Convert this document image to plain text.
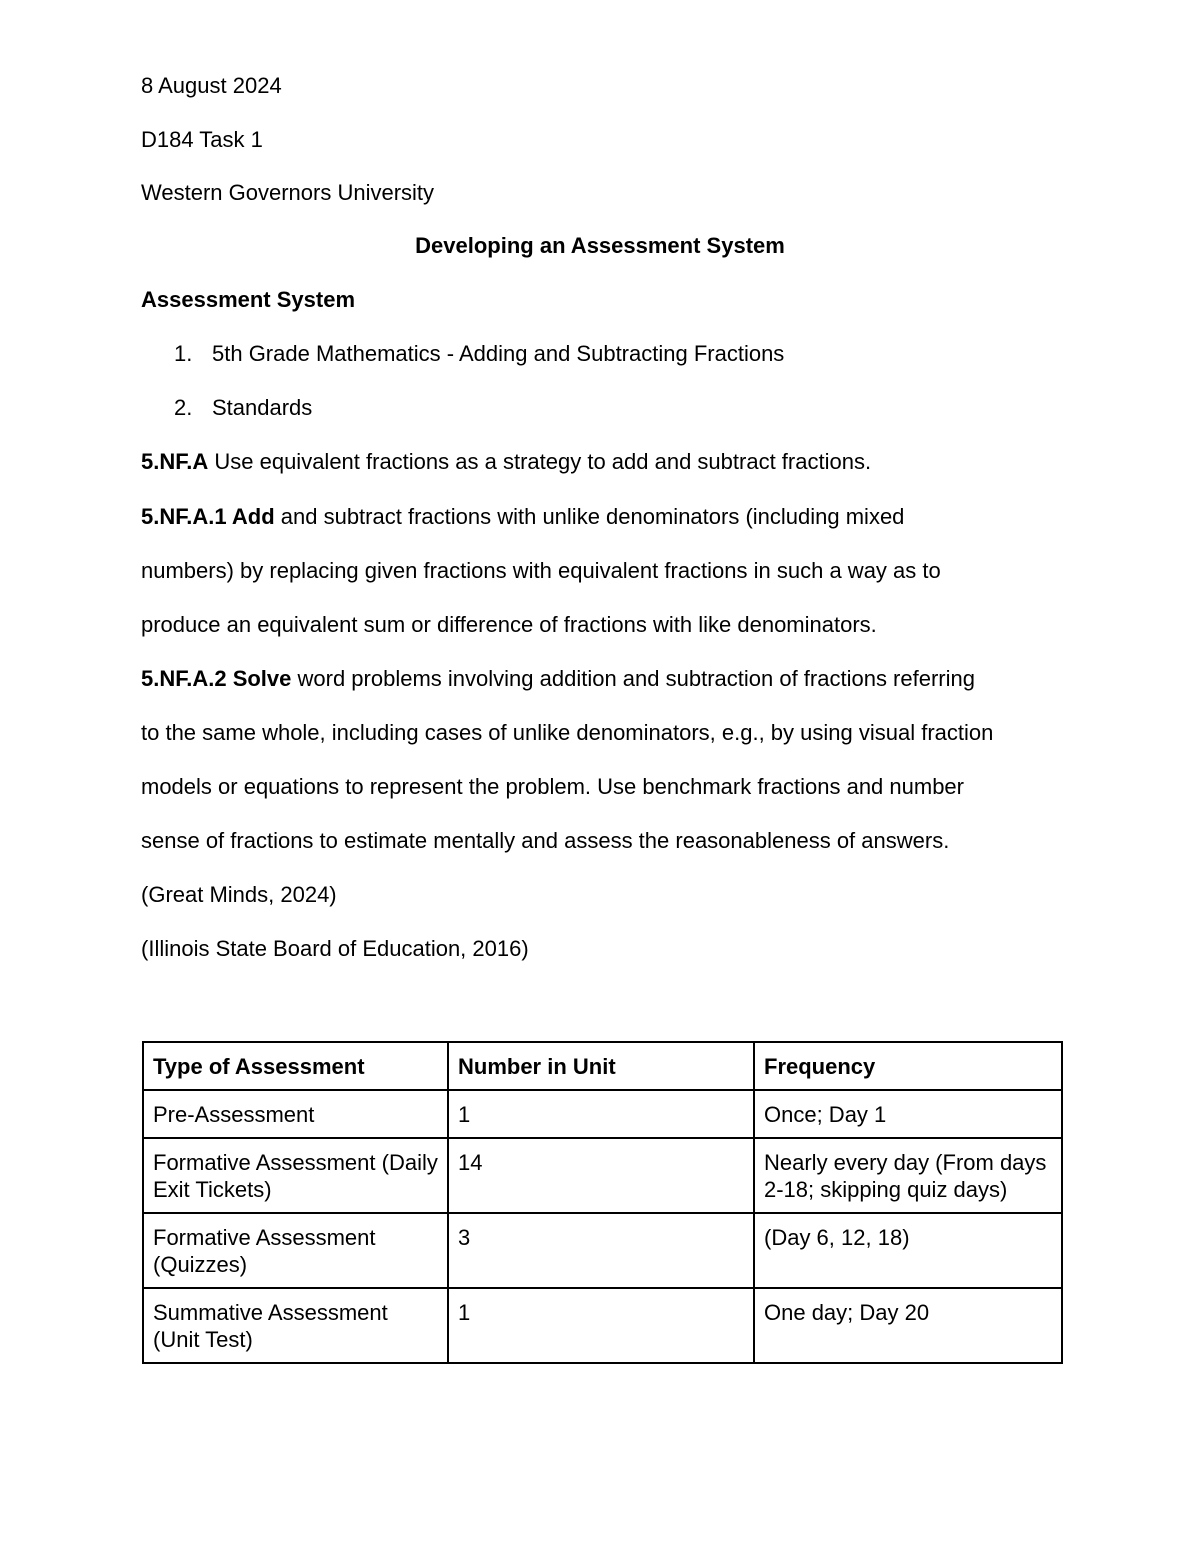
8 August 2024
D184 Task 1
Western Governors University
Developing an Assessment System
Assessment System
1. 5th Grade Mathematics - Adding and Subtracting Fractions
2. Standards
5.NF.A Use equivalent fractions as a strategy to add and subtract fractions.
5.NF.A.1 Add and subtract fractions with unlike denominators (including mixed
numbers) by replacing given fractions with equivalent fractions in such a way as to
produce an equivalent sum or difference of fractions with like denominators.
5.NF.A.2 Solve word problems involving addition and subtraction of fractions referring
to the same whole, including cases of unlike denominators, e.g., by using visual fraction
models or equations to represent the problem. Use benchmark fractions and number
sense of fractions to estimate mentally and assess the reasonableness of answers.
(Great Minds, 2024)
(Illinois State Board of Education, 2016)
Type of Assessment	Number in Unit	Frequency
Pre-Assessment	1	Once; Day 1
Formative Assessment (Daily Exit Tickets)	14	Nearly every day (From days 2-18; skipping quiz days)
Formative Assessment (Quizzes)	3	(Day 6, 12, 18)
Summative Assessment (Unit Test)	1	One day; Day 20
